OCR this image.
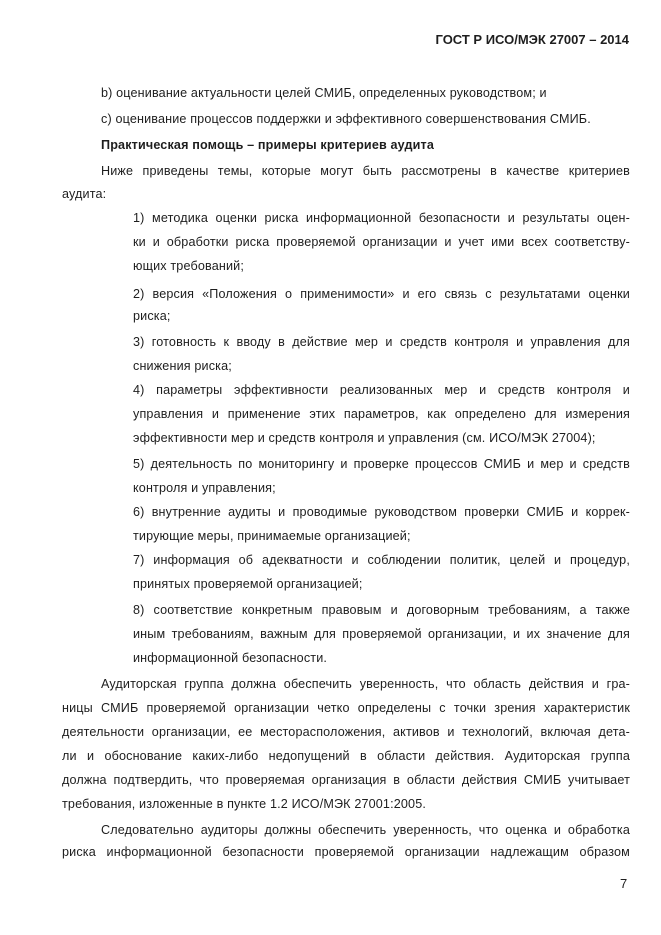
ГОСТ Р ИСО/МЭК 27007 – 2014
b) оценивание актуальности целей СМИБ, определенных руководством; и
c) оценивание процессов поддержки и эффективного совершенствования СМИБ.
Практическая помощь – примеры критериев аудита
Ниже приведены темы, которые могут быть рассмотрены в качестве критериев
аудита:
1) методика оценки риска информационной безопасности и результаты оцен-
ки и обработки риска проверяемой организации и учет ими всех соответству-
ющих требований;
2) версия «Положения о применимости» и его связь с результатами оценки
риска;
3) готовность к вводу в действие мер и средств контроля и управления для
снижения риска;
4) параметры эффективности реализованных мер и средств контроля и
управления и применение этих параметров, как определено для измерения
эффективности мер и средств контроля и управления (см. ИСО/МЭК 27004);
5) деятельность по мониторингу и проверке процессов СМИБ и мер и средств
контроля и управления;
6) внутренние аудиты и проводимые руководством проверки СМИБ и коррек-
тирующие меры, принимаемые организацией;
7) информация об адекватности и соблюдении политик, целей и процедур,
принятых проверяемой организацией;
8) соответствие конкретным правовым и договорным требованиям, а также
иным требованиям, важным для проверяемой организации, и их значение для
информационной безопасности.
Аудиторская группа должна обеспечить уверенность, что область действия и гра-
ницы СМИБ проверяемой организации четко определены с точки зрения характеристик
деятельности организации, ее месторасположения, активов и технологий, включая дета-
ли и обоснование каких-либо недопущений в области действия. Аудиторская группа
должна подтвердить, что проверяемая организация в области действия СМИБ учитывает
требования, изложенные в пункте 1.2 ИСО/МЭК 27001:2005.
Следовательно аудиторы должны обеспечить уверенность, что оценка и обработка
риска информационной безопасности проверяемой организации надлежащим образом
7
